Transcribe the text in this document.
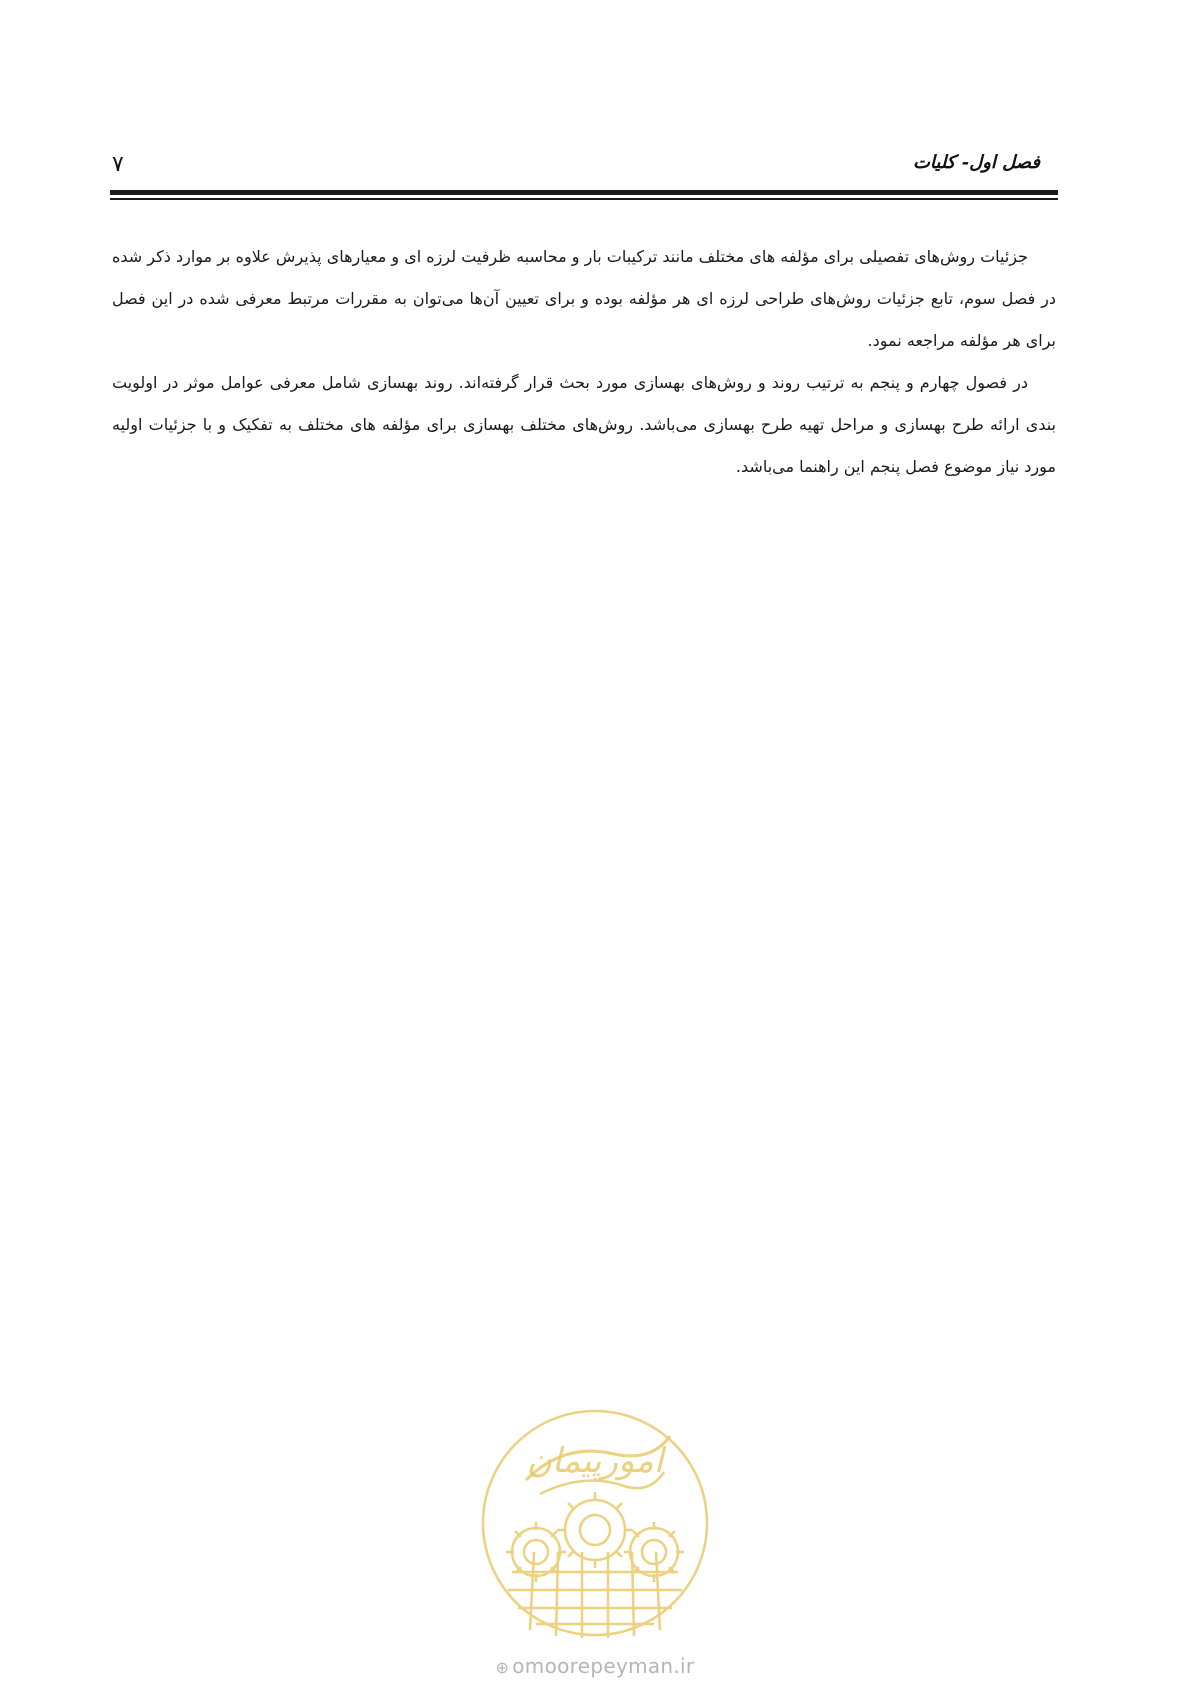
فصل اول- کلیات
۷

جزئیات روش‌های تفصیلی برای مؤلفه های مختلف مانند ترکیبات بار و محاسبه ظرفیت لرزه ای و معیارهای پذیرش علاوه بر موارد ذکر شده در فصل سوم، تابع جزئیات روش‌های طراحی لرزه ای هر مؤلفه بوده و برای تعیین آن‌ها می‌توان به مقررات مرتبط معرفی شده در این فصل برای هر مؤلفه مراجعه نمود.

در فصول چهارم و پنجم به ترتیب روند و روش‌های بهسازی مورد بحث قرار گرفته‌اند. روند بهسازی شامل معرفی عوامل موثر در اولویت بندی ارائه طرح بهسازی و مراحل تهیه طرح بهسازی می‌باشد. روش‌های مختلف بهسازی برای مؤلفه های مختلف به تفکیک و با جزئیات اولیه مورد نیاز موضوع فصل پنجم این راهنما می‌باشد.

امورپیمان
⊕ omoorepeyman.ir
